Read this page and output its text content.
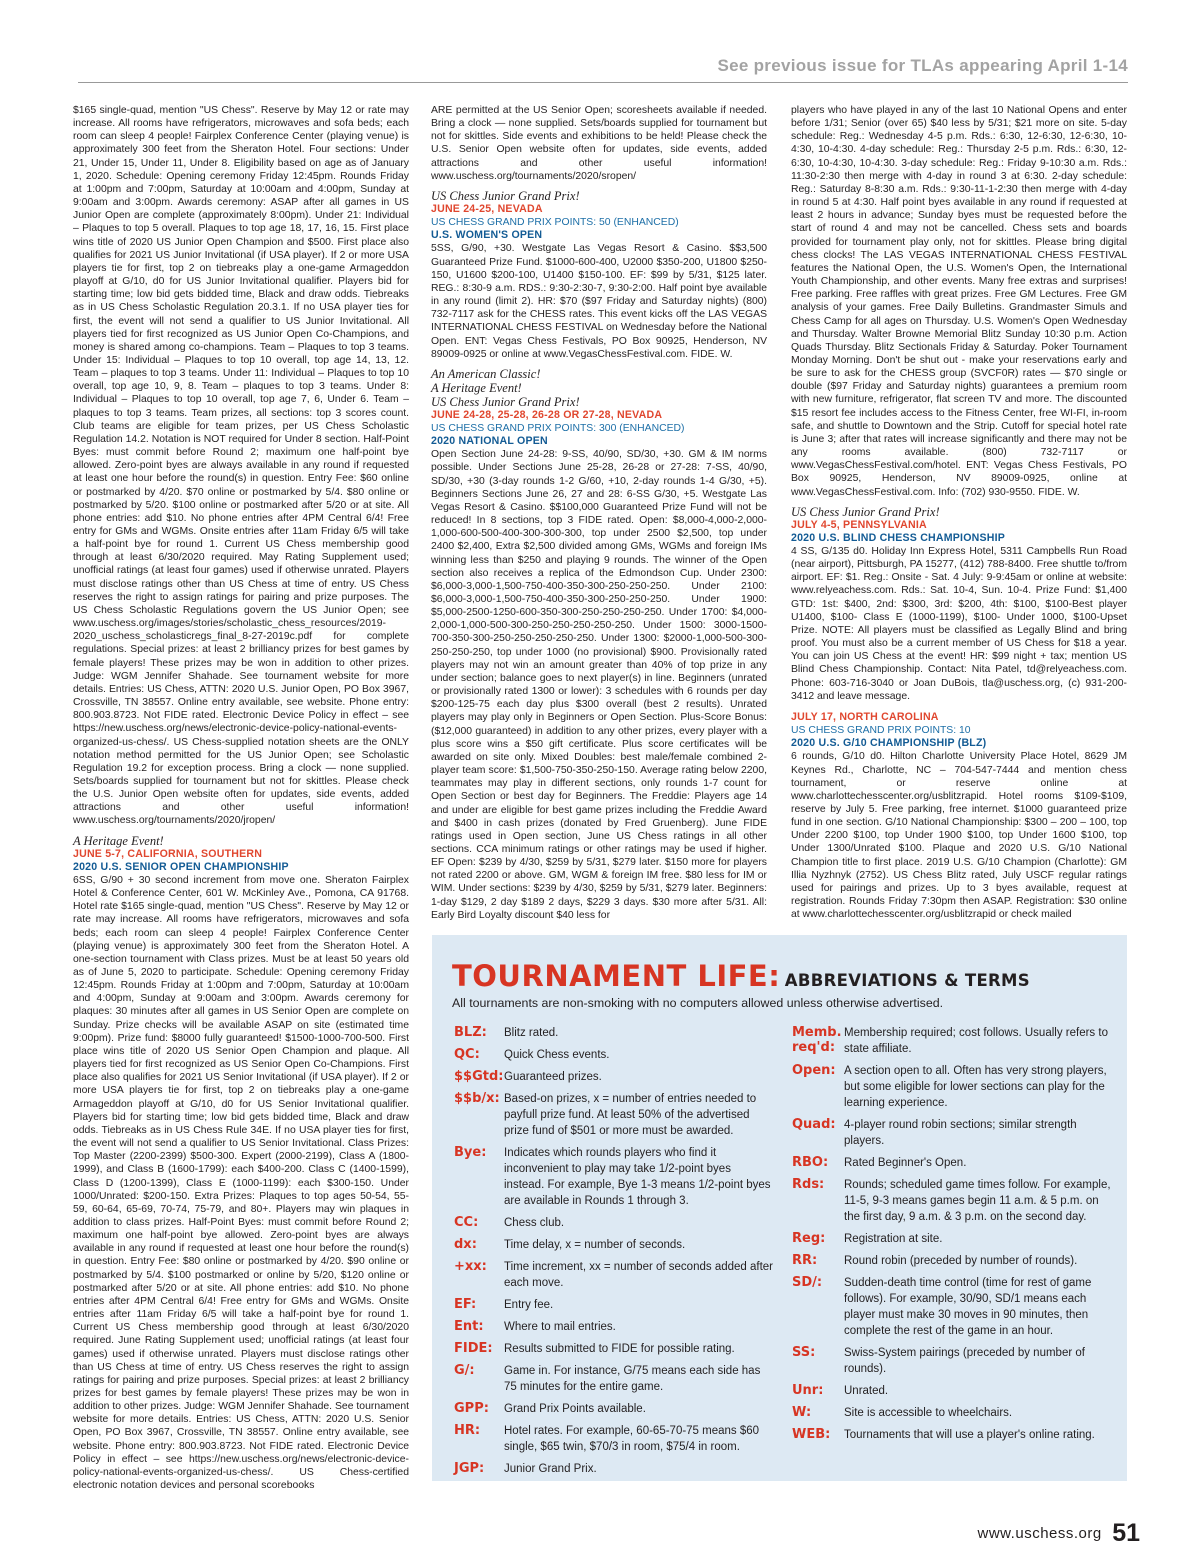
See previous issue for TLAs appearing April 1-14

$165 single-quad, mention "US Chess". Reserve by May 12 or rate may increase. All rooms have refrigerators, microwaves and sofa beds; each room can sleep 4 people! Fairplex Conference Center (playing venue) is approximately 300 feet from the Sheraton Hotel. Four sections: Under 21, Under 15, Under 11, Under 8. Eligibility based on age as of January 1, 2020. Schedule: Opening ceremony Friday 12:45pm. Rounds Friday at 1:00pm and 7:00pm, Saturday at 10:00am and 4:00pm, Sunday at 9:00am and 3:00pm. Awards ceremony: ASAP after all games in US Junior Open are complete (approximately 8:00pm). Under 21: Individual – Plaques to top 5 overall. Plaques to top age 18, 17, 16, 15. First place wins title of 2020 US Junior Open Champion and $500. First place also qualifies for 2021 US Junior Invitational (if USA player). If 2 or more USA players tie for first, top 2 on tiebreaks play a one-game Armageddon playoff at G/10, d0 for US Junior Invitational qualifier. Players bid for starting time; low bid gets bidded time, Black and draw odds. Tiebreaks as in US Chess Scholastic Regulation 20.3.1. If no USA player ties for first, the event will not send a qualifier to US Junior Invitational. All players tied for first recognized as US Junior Open Co-Champions, and money is shared among co-champions. Team – Plaques to top 3 teams. Under 15: Individual – Plaques to top 10 overall, top age 14, 13, 12. Team – plaques to top 3 teams. Under 11: Individual – Plaques to top 10 overall, top age 10, 9, 8. Team – plaques to top 3 teams. Under 8: Individual – Plaques to top 10 overall, top age 7, 6, Under 6. Team – plaques to top 3 teams. Team prizes, all sections: top 3 scores count. Club teams are eligible for team prizes, per US Chess Scholastic Regulation 14.2. Notation is NOT required for Under 8 section. Half-Point Byes: must commit before Round 2; maximum one half-point bye allowed. Zero-point byes are always available in any round if requested at least one hour before the round(s) in question. Entry Fee: $60 online or postmarked by 4/20. $70 online or postmarked by 5/4. $80 online or postmarked by 5/20. $100 online or postmarked after 5/20 or at site. All phone entries: add $10. No phone entries after 4PM Central 6/4! Free entry for GMs and WGMs. Onsite entries after 11am Friday 6/5 will take a half-point bye for round 1. Current US Chess membership good through at least 6/30/2020 required. May Rating Supplement used; unofficial ratings (at least four games) used if otherwise unrated. Players must disclose ratings other than US Chess at time of entry. US Chess reserves the right to assign ratings for pairing and prize purposes. The US Chess Scholastic Regulations govern the US Junior Open; see www.uschess.org/images/stories/scholastic_chess_resources/2019-2020_uschess_scholasticregs_final_8-27-2019c.pdf for complete regulations. Special prizes: at least 2 brilliancy prizes for best games by female players! These prizes may be won in addition to other prizes. Judge: WGM Jennifer Shahade. See tournament website for more details. Entries: US Chess, ATTN: 2020 U.S. Junior Open, PO Box 3967, Crossville, TN 38557. Online entry available, see website. Phone entry: 800.903.8723. Not FIDE rated. Electronic Device Policy in effect – see https://new.uschess.org/news/electronic-device-policy-national-events-organized-us-chess/. US Chess-supplied notation sheets are the ONLY notation method permitted for the US Junior Open; see Scholastic Regulation 19.2 for exception process. Bring a clock — none supplied. Sets/boards supplied for tournament but not for skittles. Please check the U.S. Junior Open website often for updates, side events, added attractions and other useful information! www.uschess.org/tournaments/2020/jropen/

A Heritage Event!
JUNE 5-7, CALIFORNIA, SOUTHERN
2020 U.S. SENIOR OPEN CHAMPIONSHIP

6SS, G/90 + 30 second increment from move one. Sheraton Fairplex Hotel & Conference Center, 601 W. McKinley Ave., Pomona, CA 91768. Hotel rate $165 single-quad, mention "US Chess". Reserve by May 12 or rate may increase. All rooms have refrigerators, microwaves and sofa beds; each room can sleep 4 people! Fairplex Conference Center (playing venue) is approximately 300 feet from the Sheraton Hotel. A one-section tournament with Class prizes. Must be at least 50 years old as of June 5, 2020 to participate. Schedule: Opening ceremony Friday 12:45pm. Rounds Friday at 1:00pm and 7:00pm, Saturday at 10:00am and 4:00pm, Sunday at 9:00am and 3:00pm. Awards ceremony for plaques: 30 minutes after all games in US Senior Open are complete on Sunday. Prize checks will be available ASAP on site (estimated time 9:00pm). Prize fund: $8000 fully guaranteed! $1500-1000-700-500. First place wins title of 2020 US Senior Open Champion and plaque. All players tied for first recognized as US Senior Open Co-Champions. First place also qualifies for 2021 US Senior Invitational (if USA player). If 2 or more USA players tie for first, top 2 on tiebreaks play a one-game Armageddon playoff at G/10, d0 for US Senior Invitational qualifier. Players bid for starting time; low bid gets bidded time, Black and draw odds. Tiebreaks as in US Chess Rule 34E. If no USA player ties for first, the event will not send a qualifier to US Senior Invitational. Class Prizes: Top Master (2200-2399) $500-300. Expert (2000-2199), Class A (1800-1999), and Class B (1600-1799): each $400-200. Class C (1400-1599), Class D (1200-1399), Class E (1000-1199): each $300-150. Under 1000/Unrated: $200-150. Extra Prizes: Plaques to top ages 50-54, 55-59, 60-64, 65-69, 70-74, 75-79, and 80+. Players may win plaques in addition to class prizes. Half-Point Byes: must commit before Round 2; maximum one half-point bye allowed. Zero-point byes are always available in any round if requested at least one hour before the round(s) in question. Entry Fee: $80 online or postmarked by 4/20. $90 online or postmarked by 5/4. $100 postmarked or online by 5/20, $120 online or postmarked after 5/20 or at site. All phone entries: add $10. No phone entries after 4PM Central 6/4! Free entry for GMs and WGMs. Onsite entries after 11am Friday 6/5 will take a half-point bye for round 1. Current US Chess membership good through at least 6/30/2020 required. June Rating Supplement used; unofficial ratings (at least four games) used if otherwise unrated. Players must disclose ratings other than US Chess at time of entry. US Chess reserves the right to assign ratings for pairing and prize purposes. Special prizes: at least 2 brilliancy prizes for best games by female players! These prizes may be won in addition to other prizes. Judge: WGM Jennifer Shahade. See tournament website for more details. Entries: US Chess, ATTN: 2020 U.S. Senior Open, PO Box 3967, Crossville, TN 38557. Online entry available, see website. Phone entry: 800.903.8723. Not FIDE rated. Electronic Device Policy in effect – see https://new.uschess.org/news/electronic-device-policy-national-events-organized-us-chess/. US Chess-certified electronic notation devices and personal scorebooks

ARE permitted at the US Senior Open; scoresheets available if needed. Bring a clock — none supplied. Sets/boards supplied for tournament but not for skittles. Side events and exhibitions to be held! Please check the U.S. Senior Open website often for updates, side events, added attractions and other useful information! www.uschess.org/tournaments/2020/sropen/

US Chess Junior Grand Prix!
JUNE 24-25, NEVADA
US CHESS GRAND PRIX POINTS: 50 (ENHANCED)
U.S. WOMEN'S OPEN

5SS, G/90, +30. Westgate Las Vegas Resort & Casino. $$3,500 Guaranteed Prize Fund. $1000-600-400, U2000 $350-200, U1800 $250-150, U1600 $200-100, U1400 $150-100. EF: $99 by 5/31, $125 later. REG.: 8:30-9 a.m. RDS.: 9:30-2:30-7, 9:30-2:00. Half point bye available in any round (limit 2). HR: $70 ($97 Friday and Saturday nights) (800) 732-7117 ask for the CHESS rates. This event kicks off the LAS VEGAS INTERNATIONAL CHESS FESTIVAL on Wednesday before the National Open. ENT: Vegas Chess Festivals, PO Box 90925, Henderson, NV 89009-0925 or online at www.VegasChessFestival.com. FIDE. W.

An American Classic!
A Heritage Event!
US Chess Junior Grand Prix!
JUNE 24-28, 25-28, 26-28 OR 27-28, NEVADA
US CHESS GRAND PRIX POINTS: 300 (ENHANCED)
2020 NATIONAL OPEN

Open Section June 24-28: 9-SS, 40/90, SD/30, +30. GM & IM norms possible. Under Sections June 25-28, 26-28 or 27-28: 7-SS, 40/90, SD/30, +30 (3-day rounds 1-2 G/60, +10, 2-day rounds 1-4 G/30, +5). Beginners Sections June 26, 27 and 28: 6-SS G/30, +5. Westgate Las Vegas Resort & Casino. $$100,000 Guaranteed Prize Fund will not be reduced! In 8 sections, top 3 FIDE rated. Open: $8,000-4,000-2,000-1,000-600-500-400-300-300-300, top under 2500 $2,500, top under 2400 $2,400, Extra $2,500 divided among GMs, WGMs and foreign IMs winning less than $250 and playing 9 rounds. The winner of the Open section also receives a replica of the Edmondson Cup. Under 2300: $6,000-3,000-1,500-750-400-350-300-250-250-250. Under 2100: $6,000-3,000-1,500-750-400-350-300-250-250-250. Under 1900: $5,000-2500-1250-600-350-300-250-250-250-250. Under 1700: $4,000-2,000-1,000-500-300-250-250-250-250-250. Under 1500: 3000-1500-700-350-300-250-250-250-250-250. Under 1300: $2000-1,000-500-300-250-250-250, top under 1000 (no provisional) $900. Provisionally rated players may not win an amount greater than 40% of top prize in any under section; balance goes to next player(s) in line. Beginners (unrated or provisionally rated 1300 or lower): 3 schedules with 6 rounds per day $200-125-75 each day plus $300 overall (best 2 results). Unrated players may play only in Beginners or Open Section. Plus-Score Bonus: ($12,000 guaranteed) in addition to any other prizes, every player with a plus score wins a $50 gift certificate. Plus score certificates will be awarded on site only. Mixed Doubles: best male/female combined 2-player team score: $1,500-750-350-250-150. Average rating below 2200, teammates may play in different sections, only rounds 1-7 count for Open Section or best day for Beginners. The Freddie: Players age 14 and under are eligible for best game prizes including the Freddie Award and $400 in cash prizes (donated by Fred Gruenberg). June FIDE ratings used in Open section, June US Chess ratings in all other sections. CCA minimum ratings or other ratings may be used if higher. EF Open: $239 by 4/30, $259 by 5/31, $279 later. $150 more for players not rated 2200 or above. GM, WGM & foreign IM free. $80 less for IM or WIM. Under sections: $239 by 4/30, $259 by 5/31, $279 later. Beginners: 1-day $129, 2 day $189 2 days, $229 3 days. $30 more after 5/31. All: Early Bird Loyalty discount $40 less for

players who have played in any of the last 10 National Opens and enter before 1/31; Senior (over 65) $40 less by 5/31; $21 more on site. 5-day schedule: Reg.: Wednesday 4-5 p.m. Rds.: 6:30, 12-6:30, 12-6:30, 10-4:30, 10-4:30. 4-day schedule: Reg.: Thursday 2-5 p.m. Rds.: 6:30, 12-6:30, 10-4:30, 10-4:30. 3-day schedule: Reg.: Friday 9-10:30 a.m. Rds.: 11:30-2:30 then merge with 4-day in round 3 at 6:30. 2-day schedule: Reg.: Saturday 8-8:30 a.m. Rds.: 9:30-11-1-2:30 then merge with 4-day in round 5 at 4:30. Half point byes available in any round if requested at least 2 hours in advance; Sunday byes must be requested before the start of round 4 and may not be cancelled. Chess sets and boards provided for tournament play only, not for skittles. Please bring digital chess clocks! The LAS VEGAS INTERNATIONAL CHESS FESTIVAL features the National Open, the U.S. Women's Open, the International Youth Championship, and other events. Many free extras and surprises! Free parking. Free raffles with great prizes. Free GM Lectures. Free GM analysis of your games. Free Daily Bulletins. Grandmaster Simuls and Chess Camp for all ages on Thursday. U.S. Women's Open Wednesday and Thursday. Walter Browne Memorial Blitz Sunday 10:30 p.m. Action Quads Thursday. Blitz Sectionals Friday & Saturday. Poker Tournament Monday Morning. Don't be shut out - make your reservations early and be sure to ask for the CHESS group (SVCF0R) rates — $70 single or double ($97 Friday and Saturday nights) guarantees a premium room with new furniture, refrigerator, flat screen TV and more. The discounted $15 resort fee includes access to the Fitness Center, free WI-FI, in-room safe, and shuttle to Downtown and the Strip. Cutoff for special hotel rate is June 3; after that rates will increase significantly and there may not be any rooms available. (800) 732-7117 or www.VegasChessFestival.com/hotel. ENT: Vegas Chess Festivals, PO Box 90925, Henderson, NV 89009-0925, online at www.VegasChessFestival.com. Info: (702) 930-9550. FIDE. W.

US Chess Junior Grand Prix!
JULY 4-5, PENNSYLVANIA
2020 U.S. BLIND CHESS CHAMPIONSHIP

4 SS, G/135 d0. Holiday Inn Express Hotel, 5311 Campbells Run Road (near airport), Pittsburgh, PA 15277, (412) 788-8400. Free shuttle to/from airport. EF: $1. Reg.: Onsite - Sat. 4 July: 9-9:45am or online at website: www.relyeachess.com. Rds.: Sat. 10-4, Sun. 10-4. Prize Fund: $1,400 GTD: 1st: $400, 2nd: $300, 3rd: $200, 4th: $100, $100-Best player U1400, $100- Class E (1000-1199), $100- Under 1000, $100-Upset Prize. NOTE: All players must be classified as Legally Blind and bring proof. You must also be a current member of US Chess for $18 a year. You can join US Chess at the event! HR: $99 night + tax; mention US Blind Chess Championship. Contact: Nita Patel, td@relyeachess.com. Phone: 603-716-3040 or Joan DuBois, tla@uschess.org, (c) 931-200-3412 and leave message.

JULY 17, NORTH CAROLINA
US CHESS GRAND PRIX POINTS: 10
2020 U.S. G/10 CHAMPIONSHIP (BLZ)

6 rounds, G/10 d0. Hilton Charlotte University Place Hotel, 8629 JM Keynes Rd., Charlotte, NC – 704-547-7444 and mention chess tournament, or reserve online at www.charlottechesscenter.org/usblitzrapid. Hotel rooms $109-$109, reserve by July 5. Free parking, free internet. $1000 guaranteed prize fund in one section. G/10 National Championship: $300 – 200 – 100, top Under 2200 $100, top Under 1900 $100, top Under 1600 $100, top Under 1300/Unrated $100. Plaque and 2020 U.S. G/10 National Champion title to first place. 2019 U.S. G/10 Champion (Charlotte): GM Illia Nyzhnyk (2752). US Chess Blitz rated, July USCF regular ratings used for pairings and prizes. Up to 3 byes available, request at registration. Rounds Friday 7:30pm then ASAP. Registration: $30 online at www.charlottechesscenter.org/usblitzrapid or check mailed

TOURNAMENT LIFE: ABBREVIATIONS & TERMS
All tournaments are non-smoking with no computers allowed unless otherwise advertised.
BLZ:	Blitz rated.
QC:	Quick Chess events.
$$Gtd: Guaranteed prizes.
$$b/x: Based-on prizes, x = number of entries needed to payfull prize fund. At least 50% of the advertised prize fund of $501 or more must be awarded.
Bye:	Indicates which rounds players who find it inconvenient to play may take 1/2-point byes instead. For example, Bye 1-3 means 1/2-point byes are available in Rounds 1 through 3.
CC:	Chess club.
dx:	Time delay, x = number of seconds.
+xx:	Time increment, xx = number of seconds added after each move.
EF:	Entry fee.
Ent:	Where to mail entries.
FIDE: Results submitted to FIDE for possible rating.
G/:	Game in. For instance, G/75 means each side has 75 minutes for the entire game.
GPP:	Grand Prix Points available.
HR:	Hotel rates. For example, 60-65-70-75 means $60 single, $65 twin, $70/3 in room, $75/4 in room.
JGP:	Junior Grand Prix.
Memb. req'd:
Membership required; cost follows. Usually refers to state affiliate.
Open: A section open to all. Often has very strong players, but some eligible for lower sections can play for the learning experience.
Quad: 4-player round robin sections; similar strength players.
RBO:	Rated Beginner's Open.
Rds:	Rounds; scheduled game times follow. For example, 11-5, 9-3 means games begin 11 a.m. & 5 p.m. on the first day, 9 a.m. & 3 p.m. on the second day.
Reg:	Registration at site.
RR:	Round robin (preceded by number of rounds).
SD/:	Sudden-death time control (time for rest of game follows). For example, 30/90, SD/1 means each player must make 30 moves in 90 minutes, then complete the rest of the game in an hour.
SS:	Swiss-System pairings (preceded by number of rounds).
Unr:	Unrated.
W:	Site is accessible to wheelchairs.
WEB:	Tournaments that will use a player's online rating.
www.uschess.org 51
